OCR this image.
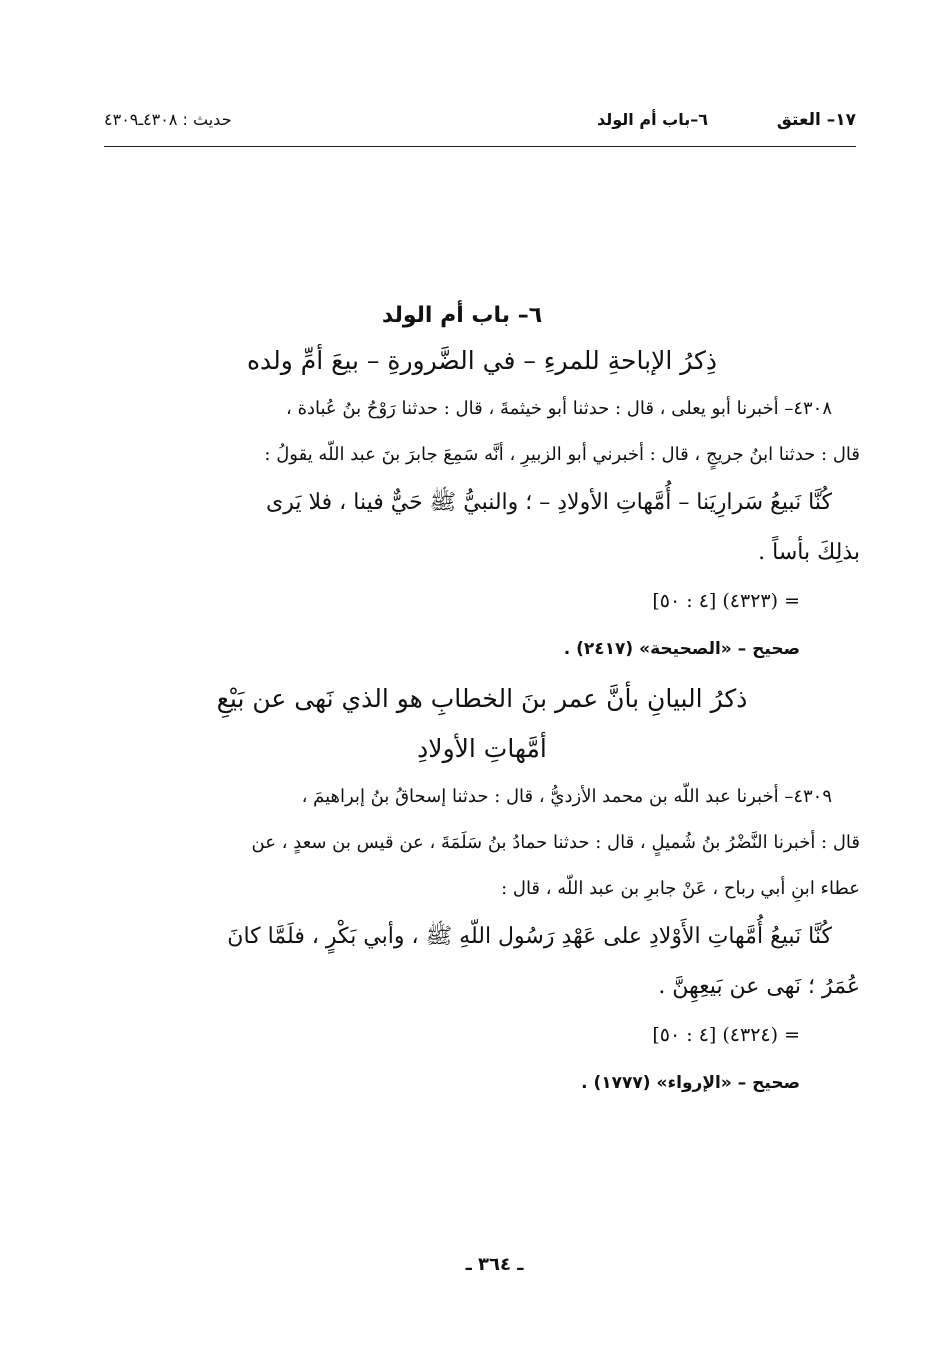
١٧– العتق
٦–باب أم الولد
حديث : ٤٣٠٨ـ٤٣٠٩
٦– باب أم الولد
ذِكرُ الإباحةِ للمرءِ – في الضَّرورةِ – بيعَ أمِّ ولده
٤٣٠٨– أخبرنا أبو يعلى ، قال : حدثنا أبو خيثمةَ ، قال : حدثنا رَوْحُ بنُ عُبادة ،
قال : حدثنا ابنُ جريجٍ ، قال : أخبرني أبو الزبيرِ ، أنَّه سَمِعَ جابرَ بنَ عبد اللّه يقولُ :
كُنَّا نَبيعُ سَرارِيَنا – أُمَّهاتِ الأولادِ – ؛ والنبيُّ ﷺ حَيٌّ فينا ، فلا يَرى
بذلِكَ بأساً .
= (٤٣٢٣) [٤ : ٥٠]
صحيح – «الصحيحة» (٢٤١٧) .
ذكرُ البيانِ بأنَّ عمر بنَ الخطابِ هو الذي نَهى عن بَيْعِ
أمَّهاتِ الأولادِ
٤٣٠٩– أخبرنا عبد اللّه بن محمد الأزديُّ ، قال : حدثنا إسحاقُ بنُ إبراهيمَ ،
قال : أخبرنا النَّضْرُ بنُ شُميلٍ ، قال : حدثنا حمادُ بنُ سَلَمَةَ ، عن قيس بن سعدٍ ، عن
عطاء ابنِ أبي رباح ، عَنْ جابرِ بن عبد اللّه ، قال :
كُنَّا نَبيعُ أُمَّهاتِ الأَوْلادِ على عَهْدِ رَسُول اللّهِ ﷺ ، وأبي بَكْرٍ ، فلَمَّا كانَ
عُمَرُ ؛ نَهى عن بَيعِهِنَّ .
= (٤٣٢٤) [٤ : ٥٠]
صحيح – «الإرواء» (١٧٧٧) .
ـ ٣٦٤ ـ
